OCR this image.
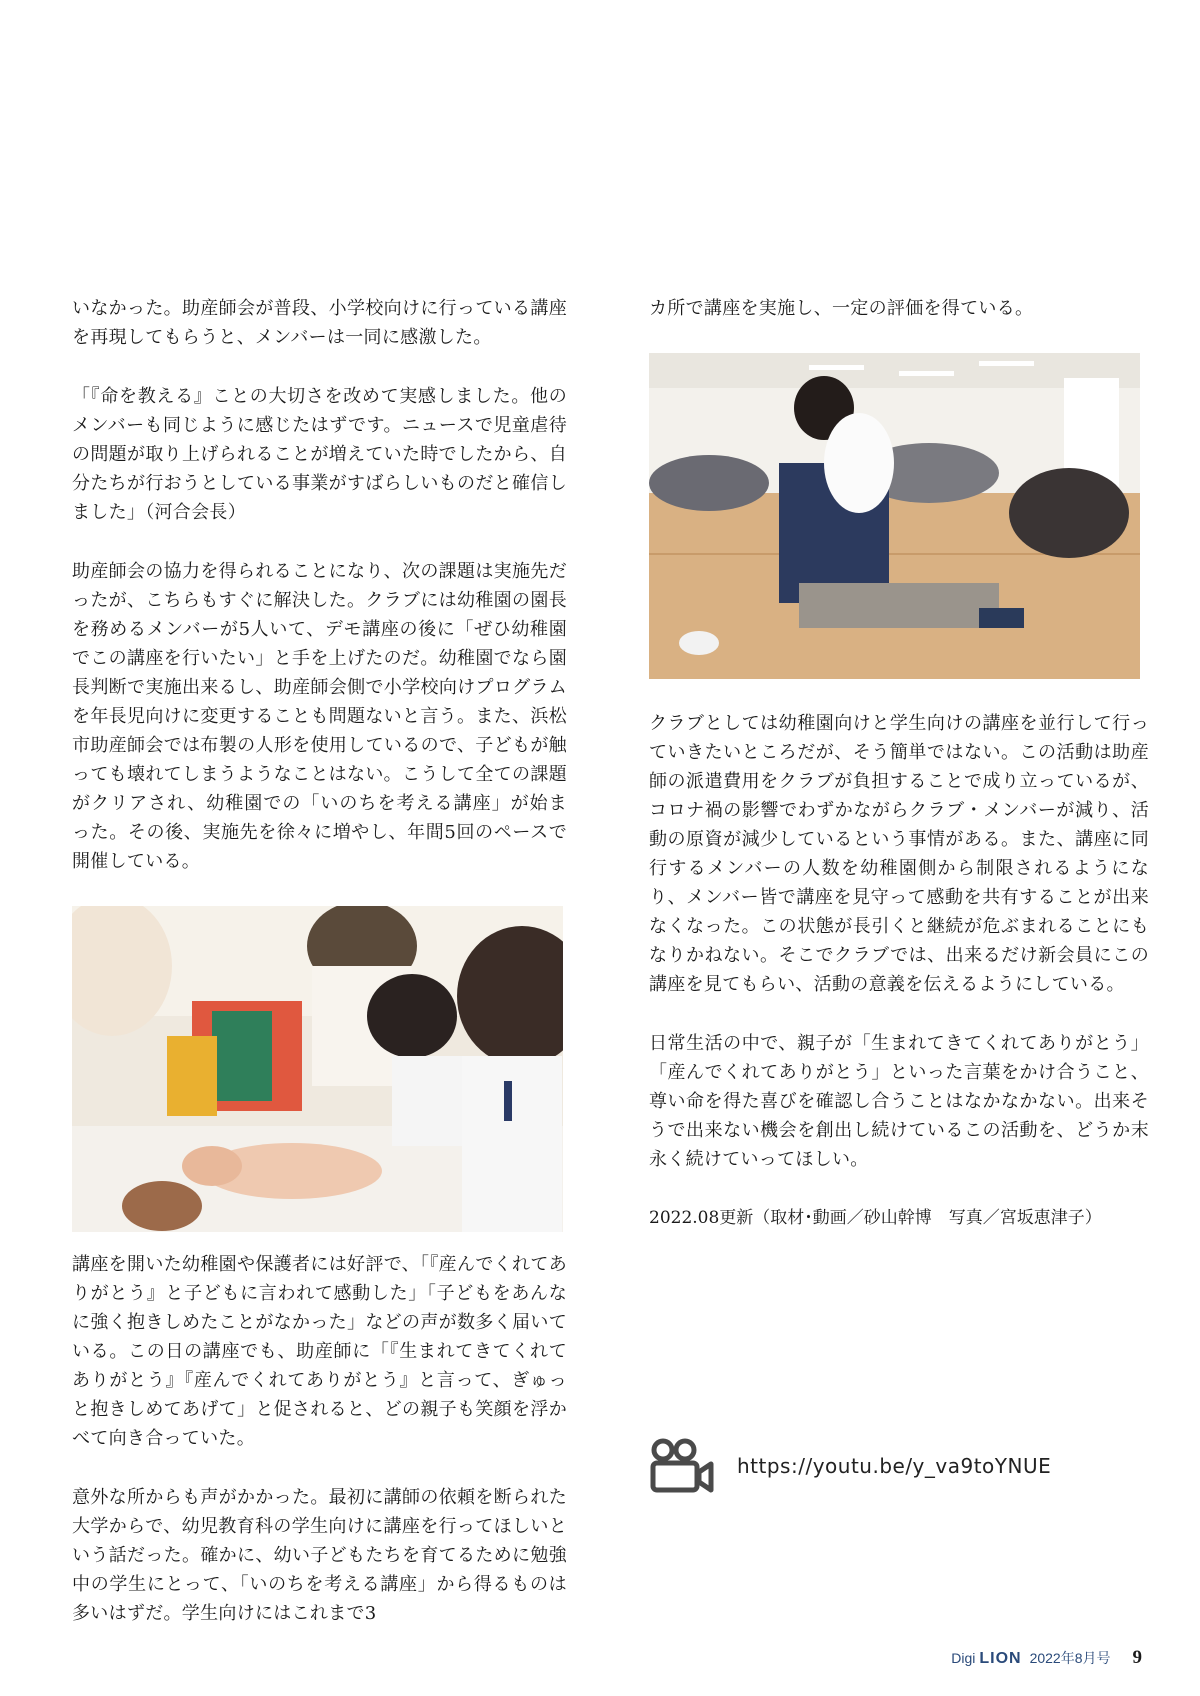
いなかった。助産師会が普段、小学校向けに行っている講座を再現してもらうと、メンバーは一同に感激した。

「『命を教える』ことの大切さを改めて実感しました。他のメンバーも同じように感じたはずです。ニュースで児童虐待の問題が取り上げられることが増えていた時でしたから、自分たちが行おうとしている事業がすばらしいものだと確信しました」（河合会長）

助産師会の協力を得られることになり、次の課題は実施先だったが、こちらもすぐに解決した。クラブには幼稚園の園長を務めるメンバーが5人いて、デモ講座の後に「ぜひ幼稚園でこの講座を行いたい」と手を上げたのだ。幼稚園でなら園長判断で実施出来るし、助産師会側で小学校向けプログラムを年長児向けに変更することも問題ないと言う。また、浜松市助産師会では布製の人形を使用しているので、子どもが触っても壊れてしまうようなことはない。こうして全ての課題がクリアされ、幼稚園での「いのちを考える講座」が始まった。その後、実施先を徐々に増やし、年間5回のペースで開催している。

講座を開いた幼稚園や保護者には好評で、「『産んでくれてありがとう』と子どもに言われて感動した」「子どもをあんなに強く抱きしめたことがなかった」などの声が数多く届いている。この日の講座でも、助産師に「『生まれてきてくれてありがとう』『産んでくれてありがとう』と言って、ぎゅっと抱きしめてあげて」と促されると、どの親子も笑顔を浮かべて向き合っていた。

意外な所からも声がかかった。最初に講師の依頼を断られた大学からで、幼児教育科の学生向けに講座を行ってほしいという話だった。確かに、幼い子どもたちを育てるために勉強中の学生にとって、「いのちを考える講座」から得るものは多いはずだ。学生向けにはこれまで3

カ所で講座を実施し、一定の評価を得ている。

クラブとしては幼稚園向けと学生向けの講座を並行して行っていきたいところだが、そう簡単ではない。この活動は助産師の派遣費用をクラブが負担することで成り立っているが、コロナ禍の影響でわずかながらクラブ・メンバーが減り、活動の原資が減少しているという事情がある。また、講座に同行するメンバーの人数を幼稚園側から制限されるようになり、メンバー皆で講座を見守って感動を共有することが出来なくなった。この状態が長引くと継続が危ぶまれることにもなりかねない。そこでクラブでは、出来るだけ新会員にこの講座を見てもらい、活動の意義を伝えるようにしている。

日常生活の中で、親子が「生まれてきてくれてありがとう」「産んでくれてありがとう」といった言葉をかけ合うこと、尊い命を得た喜びを確認し合うことはなかなかない。出来そうで出来ない機会を創出し続けているこの活動を、どうか末永く続けていってほしい。

2022.08更新（取材･動画／砂山幹博　写真／宮坂恵津子）

https://youtu.be/y_va9toYNUE
Digi LION 2022年8月号 9
